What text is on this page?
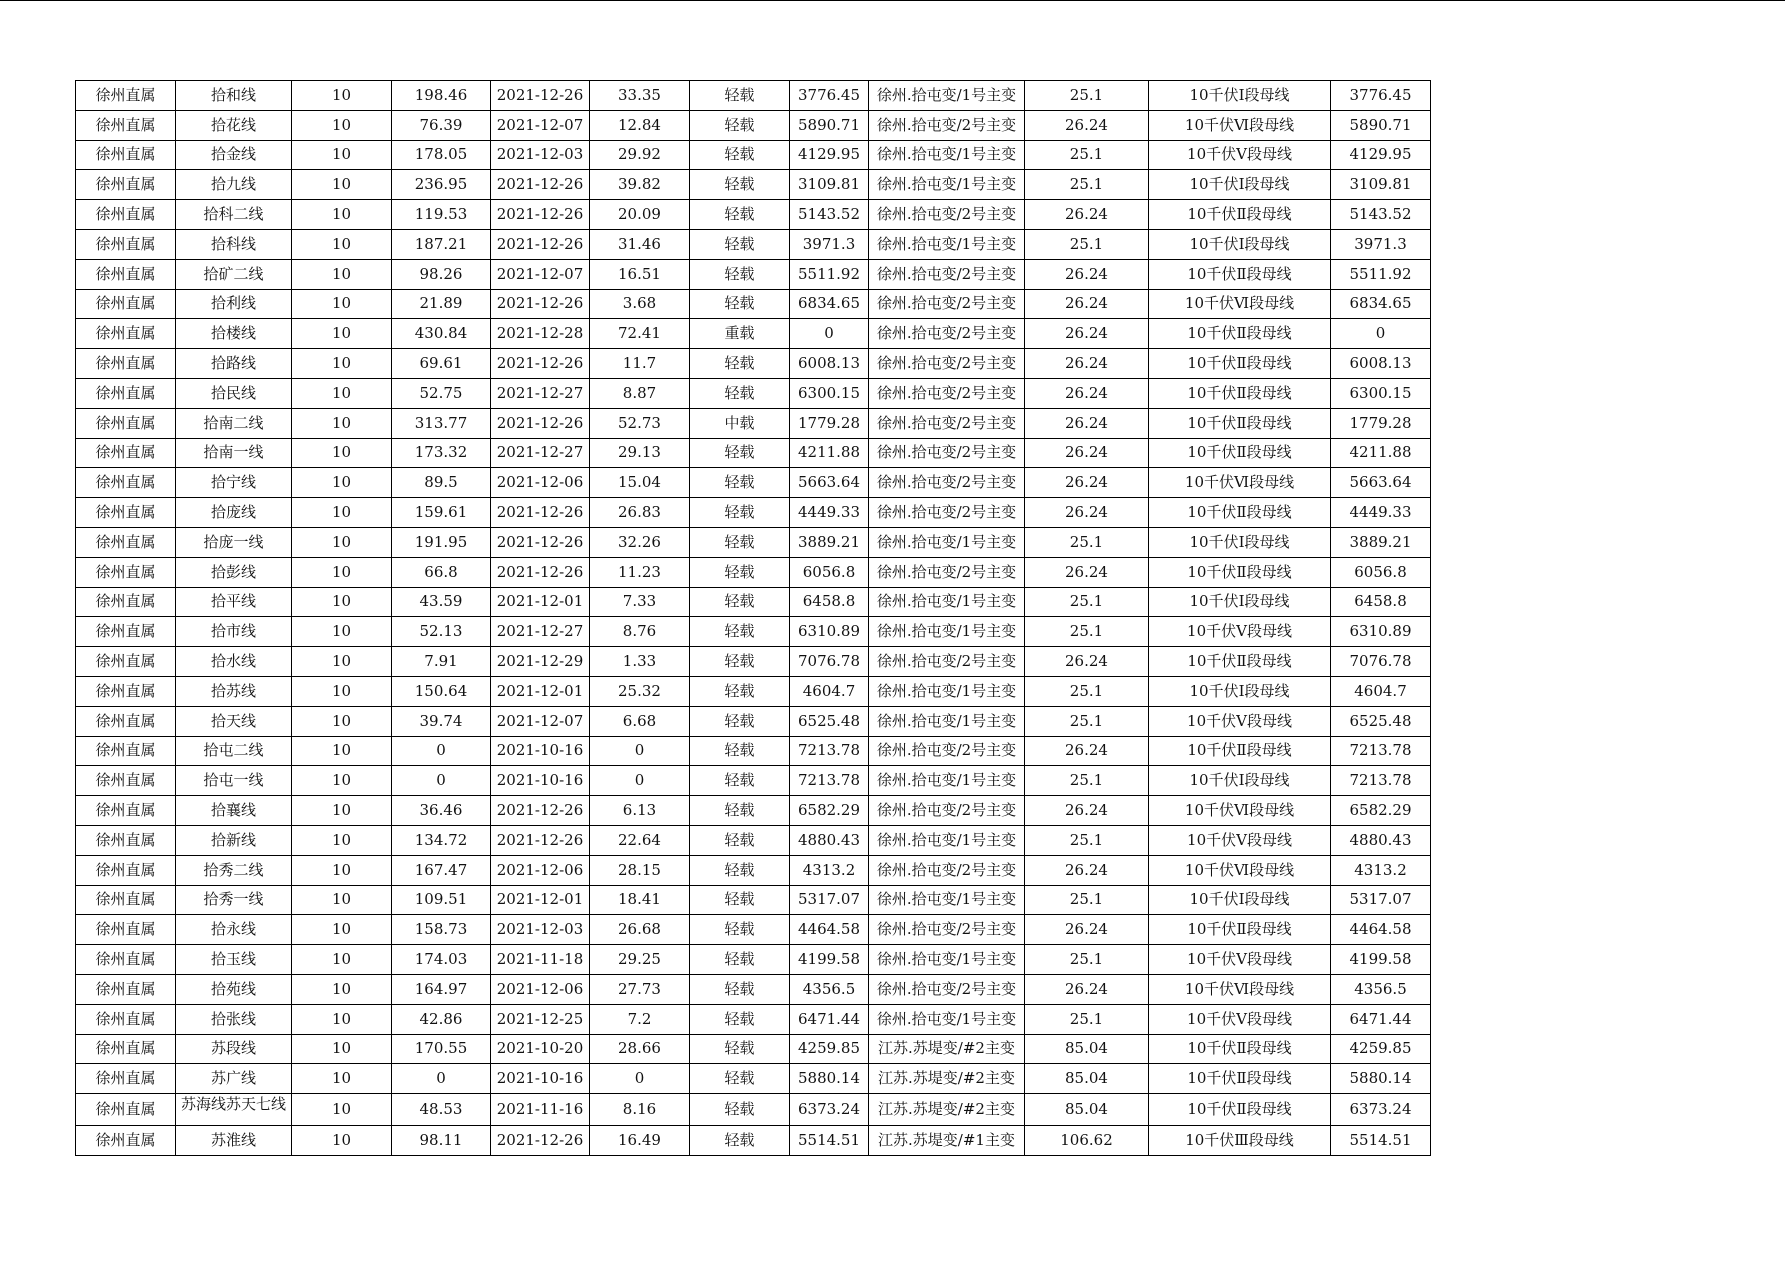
徐州直属	拾和线	10	198.46	2021-12-26	33.35	轻载	3776.45	徐州.拾屯变/1号主变	25.1	10千伏Ⅰ段母线	3776.45
徐州直属	拾花线	10	76.39	2021-12-07	12.84	轻载	5890.71	徐州.拾屯变/2号主变	26.24	10千伏Ⅵ段母线	5890.71
徐州直属	拾金线	10	178.05	2021-12-03	29.92	轻载	4129.95	徐州.拾屯变/1号主变	25.1	10千伏Ⅴ段母线	4129.95
徐州直属	拾九线	10	236.95	2021-12-26	39.82	轻载	3109.81	徐州.拾屯变/1号主变	25.1	10千伏Ⅰ段母线	3109.81
徐州直属	拾科二线	10	119.53	2021-12-26	20.09	轻载	5143.52	徐州.拾屯变/2号主变	26.24	10千伏Ⅱ段母线	5143.52
徐州直属	拾科线	10	187.21	2021-12-26	31.46	轻载	3971.3	徐州.拾屯变/1号主变	25.1	10千伏Ⅰ段母线	3971.3
徐州直属	拾矿二线	10	98.26	2021-12-07	16.51	轻载	5511.92	徐州.拾屯变/2号主变	26.24	10千伏Ⅱ段母线	5511.92
徐州直属	拾利线	10	21.89	2021-12-26	3.68	轻载	6834.65	徐州.拾屯变/2号主变	26.24	10千伏Ⅵ段母线	6834.65
徐州直属	拾楼线	10	430.84	2021-12-28	72.41	重载	0	徐州.拾屯变/2号主变	26.24	10千伏Ⅱ段母线	0
徐州直属	拾路线	10	69.61	2021-12-26	11.7	轻载	6008.13	徐州.拾屯变/2号主变	26.24	10千伏Ⅱ段母线	6008.13
徐州直属	拾民线	10	52.75	2021-12-27	8.87	轻载	6300.15	徐州.拾屯变/2号主变	26.24	10千伏Ⅱ段母线	6300.15
徐州直属	拾南二线	10	313.77	2021-12-26	52.73	中载	1779.28	徐州.拾屯变/2号主变	26.24	10千伏Ⅱ段母线	1779.28
徐州直属	拾南一线	10	173.32	2021-12-27	29.13	轻载	4211.88	徐州.拾屯变/2号主变	26.24	10千伏Ⅱ段母线	4211.88
徐州直属	拾宁线	10	89.5	2021-12-06	15.04	轻载	5663.64	徐州.拾屯变/2号主变	26.24	10千伏Ⅵ段母线	5663.64
徐州直属	拾庞线	10	159.61	2021-12-26	26.83	轻载	4449.33	徐州.拾屯变/2号主变	26.24	10千伏Ⅱ段母线	4449.33
徐州直属	拾庞一线	10	191.95	2021-12-26	32.26	轻载	3889.21	徐州.拾屯变/1号主变	25.1	10千伏Ⅰ段母线	3889.21
徐州直属	拾彭线	10	66.8	2021-12-26	11.23	轻载	6056.8	徐州.拾屯变/2号主变	26.24	10千伏Ⅱ段母线	6056.8
徐州直属	拾平线	10	43.59	2021-12-01	7.33	轻载	6458.8	徐州.拾屯变/1号主变	25.1	10千伏Ⅰ段母线	6458.8
徐州直属	拾市线	10	52.13	2021-12-27	8.76	轻载	6310.89	徐州.拾屯变/1号主变	25.1	10千伏Ⅴ段母线	6310.89
徐州直属	拾水线	10	7.91	2021-12-29	1.33	轻载	7076.78	徐州.拾屯变/2号主变	26.24	10千伏Ⅱ段母线	7076.78
徐州直属	拾苏线	10	150.64	2021-12-01	25.32	轻载	4604.7	徐州.拾屯变/1号主变	25.1	10千伏Ⅰ段母线	4604.7
徐州直属	拾天线	10	39.74	2021-12-07	6.68	轻载	6525.48	徐州.拾屯变/1号主变	25.1	10千伏Ⅴ段母线	6525.48
徐州直属	拾屯二线	10	0	2021-10-16	0	轻载	7213.78	徐州.拾屯变/2号主变	26.24	10千伏Ⅱ段母线	7213.78
徐州直属	拾屯一线	10	0	2021-10-16	0	轻载	7213.78	徐州.拾屯变/1号主变	25.1	10千伏Ⅰ段母线	7213.78
徐州直属	拾襄线	10	36.46	2021-12-26	6.13	轻载	6582.29	徐州.拾屯变/2号主变	26.24	10千伏Ⅵ段母线	6582.29
徐州直属	拾新线	10	134.72	2021-12-26	22.64	轻载	4880.43	徐州.拾屯变/1号主变	25.1	10千伏Ⅴ段母线	4880.43
徐州直属	拾秀二线	10	167.47	2021-12-06	28.15	轻载	4313.2	徐州.拾屯变/2号主变	26.24	10千伏Ⅵ段母线	4313.2
徐州直属	拾秀一线	10	109.51	2021-12-01	18.41	轻载	5317.07	徐州.拾屯变/1号主变	25.1	10千伏Ⅰ段母线	5317.07
徐州直属	拾永线	10	158.73	2021-12-03	26.68	轻载	4464.58	徐州.拾屯变/2号主变	26.24	10千伏Ⅱ段母线	4464.58
徐州直属	拾玉线	10	174.03	2021-11-18	29.25	轻载	4199.58	徐州.拾屯变/1号主变	25.1	10千伏Ⅴ段母线	4199.58
徐州直属	拾苑线	10	164.97	2021-12-06	27.73	轻载	4356.5	徐州.拾屯变/2号主变	26.24	10千伏Ⅵ段母线	4356.5
徐州直属	拾张线	10	42.86	2021-12-25	7.2	轻载	6471.44	徐州.拾屯变/1号主变	25.1	10千伏Ⅴ段母线	6471.44
徐州直属	苏段线	10	170.55	2021-10-20	28.66	轻载	4259.85	江苏.苏堤变/#2主变	85.04	10千伏Ⅱ段母线	4259.85
徐州直属	苏广线	10	0	2021-10-16	0	轻载	5880.14	江苏.苏堤变/#2主变	85.04	10千伏Ⅱ段母线	5880.14
徐州直属	苏海线苏天七线	10	48.53	2021-11-16	8.16	轻载	6373.24	江苏.苏堤变/#2主变	85.04	10千伏Ⅱ段母线	6373.24
徐州直属	苏淮线	10	98.11	2021-12-26	16.49	轻载	5514.51	江苏.苏堤变/#1主变	106.62	10千伏Ⅲ段母线	5514.51
